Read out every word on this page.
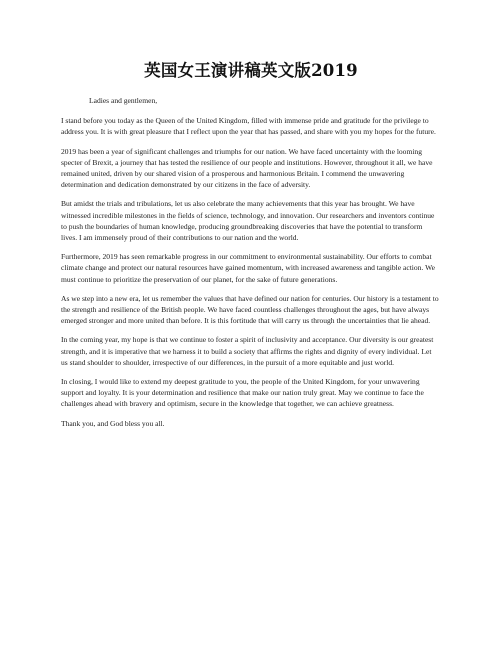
英国女王演讲稿英文版2019

Ladies and gentlemen,

I stand before you today as the Queen of the United Kingdom, filled with immense pride and gratitude for the privilege to address you. It is with great pleasure that I reflect upon the year that has passed, and share with you my hopes for the future.

2019 has been a year of significant challenges and triumphs for our nation. We have faced uncertainty with the looming specter of Brexit, a journey that has tested the resilience of our people and institutions. However, throughout it all, we have remained united, driven by our shared vision of a prosperous and harmonious Britain. I commend the unwavering determination and dedication demonstrated by our citizens in the face of adversity.

But amidst the trials and tribulations, let us also celebrate the many achievements that this year has brought. We have witnessed incredible milestones in the fields of science, technology, and innovation. Our researchers and inventors continue to push the boundaries of human knowledge, producing groundbreaking discoveries that have the potential to transform lives. I am immensely proud of their contributions to our nation and the world.

Furthermore, 2019 has seen remarkable progress in our commitment to environmental sustainability. Our efforts to combat climate change and protect our natural resources have gained momentum, with increased awareness and tangible action. We must continue to prioritize the preservation of our planet, for the sake of future generations.

As we step into a new era, let us remember the values that have defined our nation for centuries. Our history is a testament to the strength and resilience of the British people. We have faced countless challenges throughout the ages, but have always emerged stronger and more united than before. It is this fortitude that will carry us through the uncertainties that lie ahead.

In the coming year, my hope is that we continue to foster a spirit of inclusivity and acceptance. Our diversity is our greatest strength, and it is imperative that we harness it to build a society that affirms the rights and dignity of every individual. Let us stand shoulder to shoulder, irrespective of our differences, in the pursuit of a more equitable and just world.

In closing, I would like to extend my deepest gratitude to you, the people of the United Kingdom, for your unwavering support and loyalty. It is your determination and resilience that make our nation truly great. May we continue to face the challenges ahead with bravery and optimism, secure in the knowledge that together, we can achieve greatness.

Thank you, and God bless you all.
